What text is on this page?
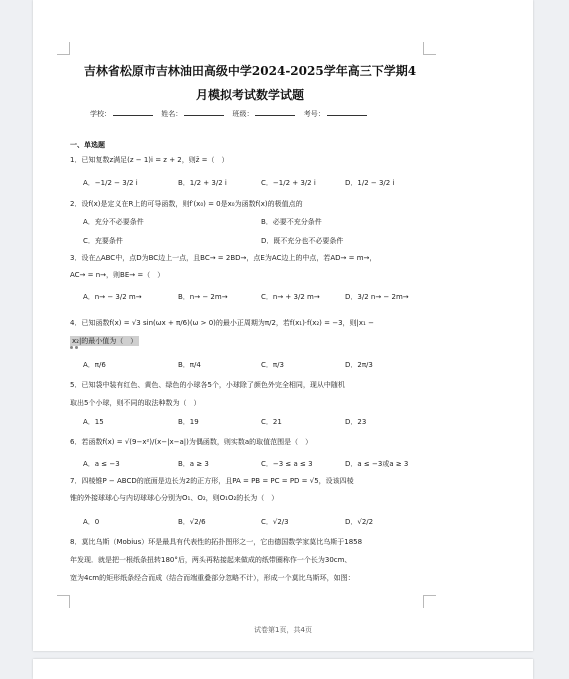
吉林省松原市吉林油田高级中学2024-2025学年高三下学期4
月模拟考试数学试题
学校：	姓名：	班级：	考号：
一、单选题
1．已知复数z满足(z − 1)i = z + 2，则z̄ =（　）
A．−1/2 − 3/2 i	B．1/2 + 3/2 i	C．−1/2 + 3/2 i	D．1/2 − 3/2 i
2．设f(x)是定义在R上的可导函数，则f′(x₀) = 0是x₀为函数f(x)的极值点的
A．充分不必要条件	B．必要不充分条件
C．充要条件	D．既不充分也不必要条件
3．设在△ABC中，点D为BC边上一点，且BC→ = 2BD→，点E为AC边上的中点，若AD→ = m→，
AC→ = n→，则BE→ =（　）
A．n→ − 3/2 m→	B．n→ − 2m→	C．n→ + 3/2 m→	D．3/2 n→ − 2m→
4．已知函数f(x) = √3 sin(ωx + π/6)(ω > 0)的最小正周期为π/2，若f(x₁)·f(x₂) = −3，则|x₁ −
x₂|的最小值为（　）
A．π/6	B．π/4	C．π/3	D．2π/3
5．已知袋中装有红色、黄色、绿色的小球各5个，小球除了颜色外完全相同，现从中随机
取出5个小球，则不同的取法种数为（　）
A．15	B．19	C．21	D．23
6．若函数f(x) = √(9−x²)/(x−|x−a|)为偶函数，则实数a的取值范围是（　）
A．a ≤ −3	B．a ≥ 3	C．−3 ≤ a ≤ 3	D．a ≤ −3或a ≥ 3
7．四棱锥P − ABCD的底面是边长为2的正方形，且PA = PB = PC = PD = √5，设该四棱
锥的外接球球心与内切球球心分别为O₁、O₂，则O₁O₂的长为（　）
A．0	B．√2/6	C．√2/3	D．√2/2
8．莫比乌斯（Mobius）环是最具有代表性的拓扑图形之一，它由德国数学家莫比乌斯于1858
年发现．就是把一根纸条扭转180°后，两头再粘接起来做成的纸带圈称作一个长为30cm、
宽为4cm的矩形纸条经合而成（结合而端重叠部分忽略不计），形成一个莫比乌斯环，如图：
试卷第1页，共4页
